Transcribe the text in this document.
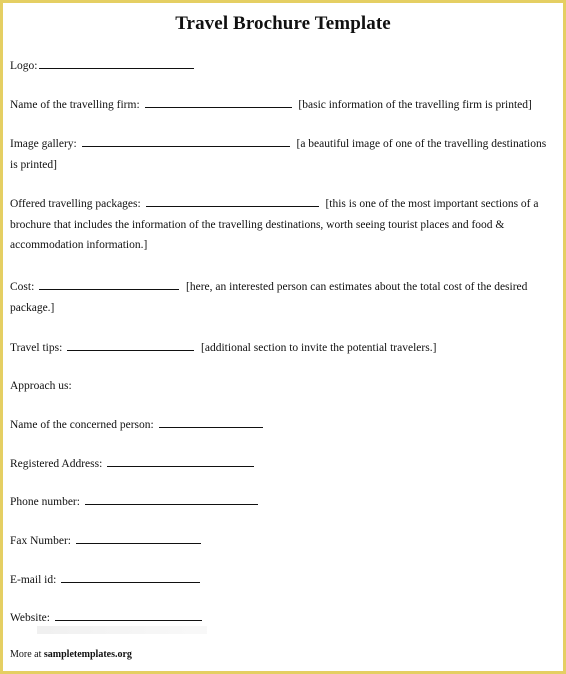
Travel Brochure Template
Logo:
Name of the travelling firm:	[basic information of the travelling firm is printed]
Image gallery:	[a beautiful image of one of the travelling destinations is printed]
Offered travelling packages:	[this is one of the most important sections of a brochure that includes the information of the travelling destinations, worth seeing tourist places and food & accommodation information.]
Cost:	[here, an interested person can estimates about the total cost of the desired package.]
Travel tips:	[additional section to invite the potential travelers.]
Approach us:
Name of the concerned person:
Registered Address:
Phone number:
Fax Number:
E-mail id:
Website:
More at sampletemplates.org
